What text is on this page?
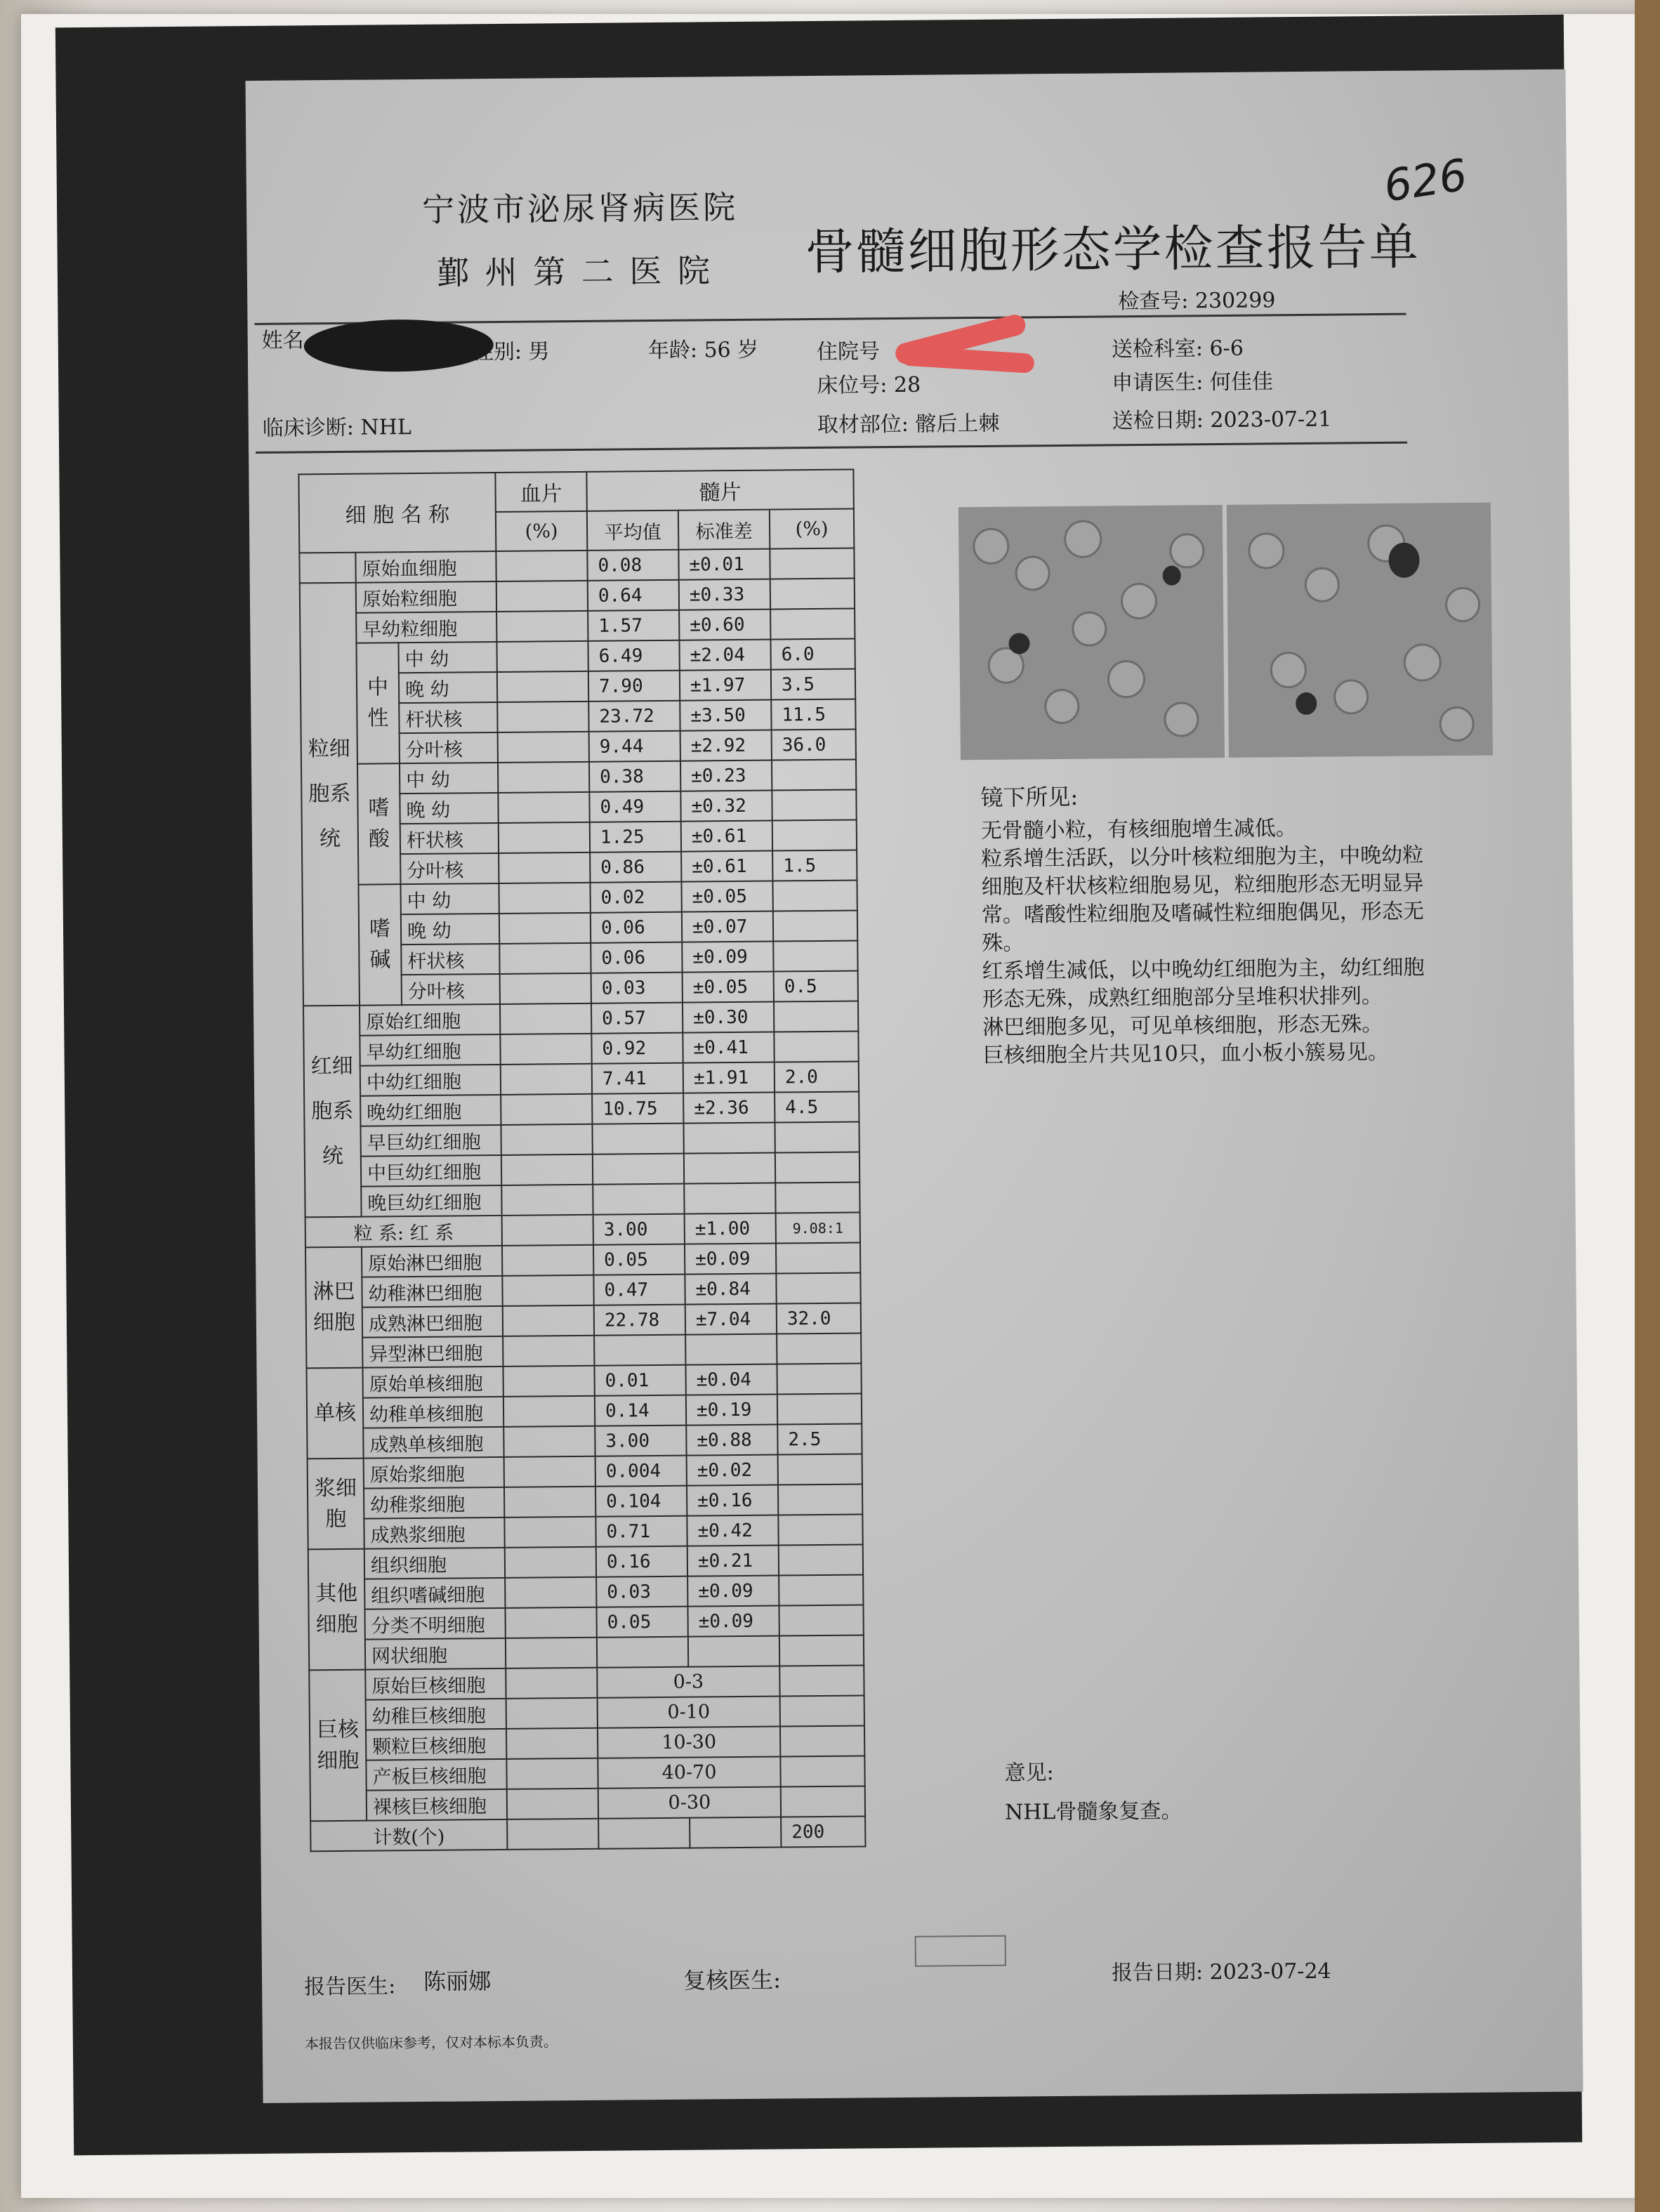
宁波市泌尿肾病医院
鄞 州 第 二 医 院 骨髓细胞形态学检查报告单
626
检查号: 230299
姓名	性别: 男	年龄: 56 岁	住院号	送检科室: 6-6
床位号: 28	申请医生: 何佳佳
临床诊断: NHL	取材部位: 髂后上棘	送检日期: 2023-07-21
细 胞 名 称			血片	髓片		
			(%)	平均值	标准差	(%)
	原始血细胞			0.08	±0.01	
粒细胞系统	原始粒细胞			0.64	±0.33	
	早幼粒细胞			1.57	±0.60	
	中性	中 幼		6.49	±2.04	6.0
		晚 幼		7.90	±1.97	3.5
		杆状核		23.72	±3.50	11.5
		分叶核		9.44	±2.92	36.0
	嗜酸	中 幼		0.38	±0.23	
		晚 幼		0.49	±0.32	
		杆状核		1.25	±0.61	
		分叶核		0.86	±0.61	1.5
	嗜碱	中 幼		0.02	±0.05	
		晚 幼		0.06	±0.07	
		杆状核		0.06	±0.09	
		分叶核		0.03	±0.05	0.5
红细胞系统	原始红细胞			0.57	±0.30	
	早幼红细胞			0.92	±0.41	
	中幼红细胞			7.41	±1.91	2.0
	晚幼红细胞			10.75	±2.36	4.5
	早巨幼红细胞					
	中巨幼红细胞					
	晚巨幼红细胞					
粒 系: 红 系				3.00	±1.00	9.08:1
淋巴细胞	原始淋巴细胞			0.05	±0.09	
	幼稚淋巴细胞			0.47	±0.84	
	成熟淋巴细胞			22.78	±7.04	32.0
	异型淋巴细胞					
单核	原始单核细胞			0.01	±0.04	
	幼稚单核细胞			0.14	±0.19	
	成熟单核细胞			3.00	±0.88	2.5
浆细胞	原始浆细胞			0.004	±0.02	
	幼稚浆细胞			0.104	±0.16	
	成熟浆细胞			0.71	±0.42	
其他细胞	组织细胞			0.16	±0.21	
	组织嗜碱细胞			0.03	±0.09	
	分类不明细胞			0.05	±0.09	
	网状细胞					
巨核细胞	原始巨核细胞			0-3		
	幼稚巨核细胞			0-10		
	颗粒巨核细胞			10-30		
	产板巨核细胞			40-70		
	裸核巨核细胞			0-30		
计数(个)						200
镜下所见:
无骨髓小粒，有核细胞增生减低。
粒系增生活跃，以分叶核粒细胞为主，中晚幼粒
细胞及杆状核粒细胞易见，粒细胞形态无明显异
常。嗜酸性粒细胞及嗜碱性粒细胞偶见，形态无
殊。
红系增生减低，以中晚幼红细胞为主，幼红细胞
形态无殊，成熟红细胞部分呈堆积状排列。
淋巴细胞多见，可见单核细胞，形态无殊。
巨核细胞全片共见10只，血小板小簇易见。
意见:
NHL骨髓象复查。
报告医生: 陈丽娜	复核医生:	报告日期: 2023-07-24
本报告仅供临床参考，仅对本标本负责。
